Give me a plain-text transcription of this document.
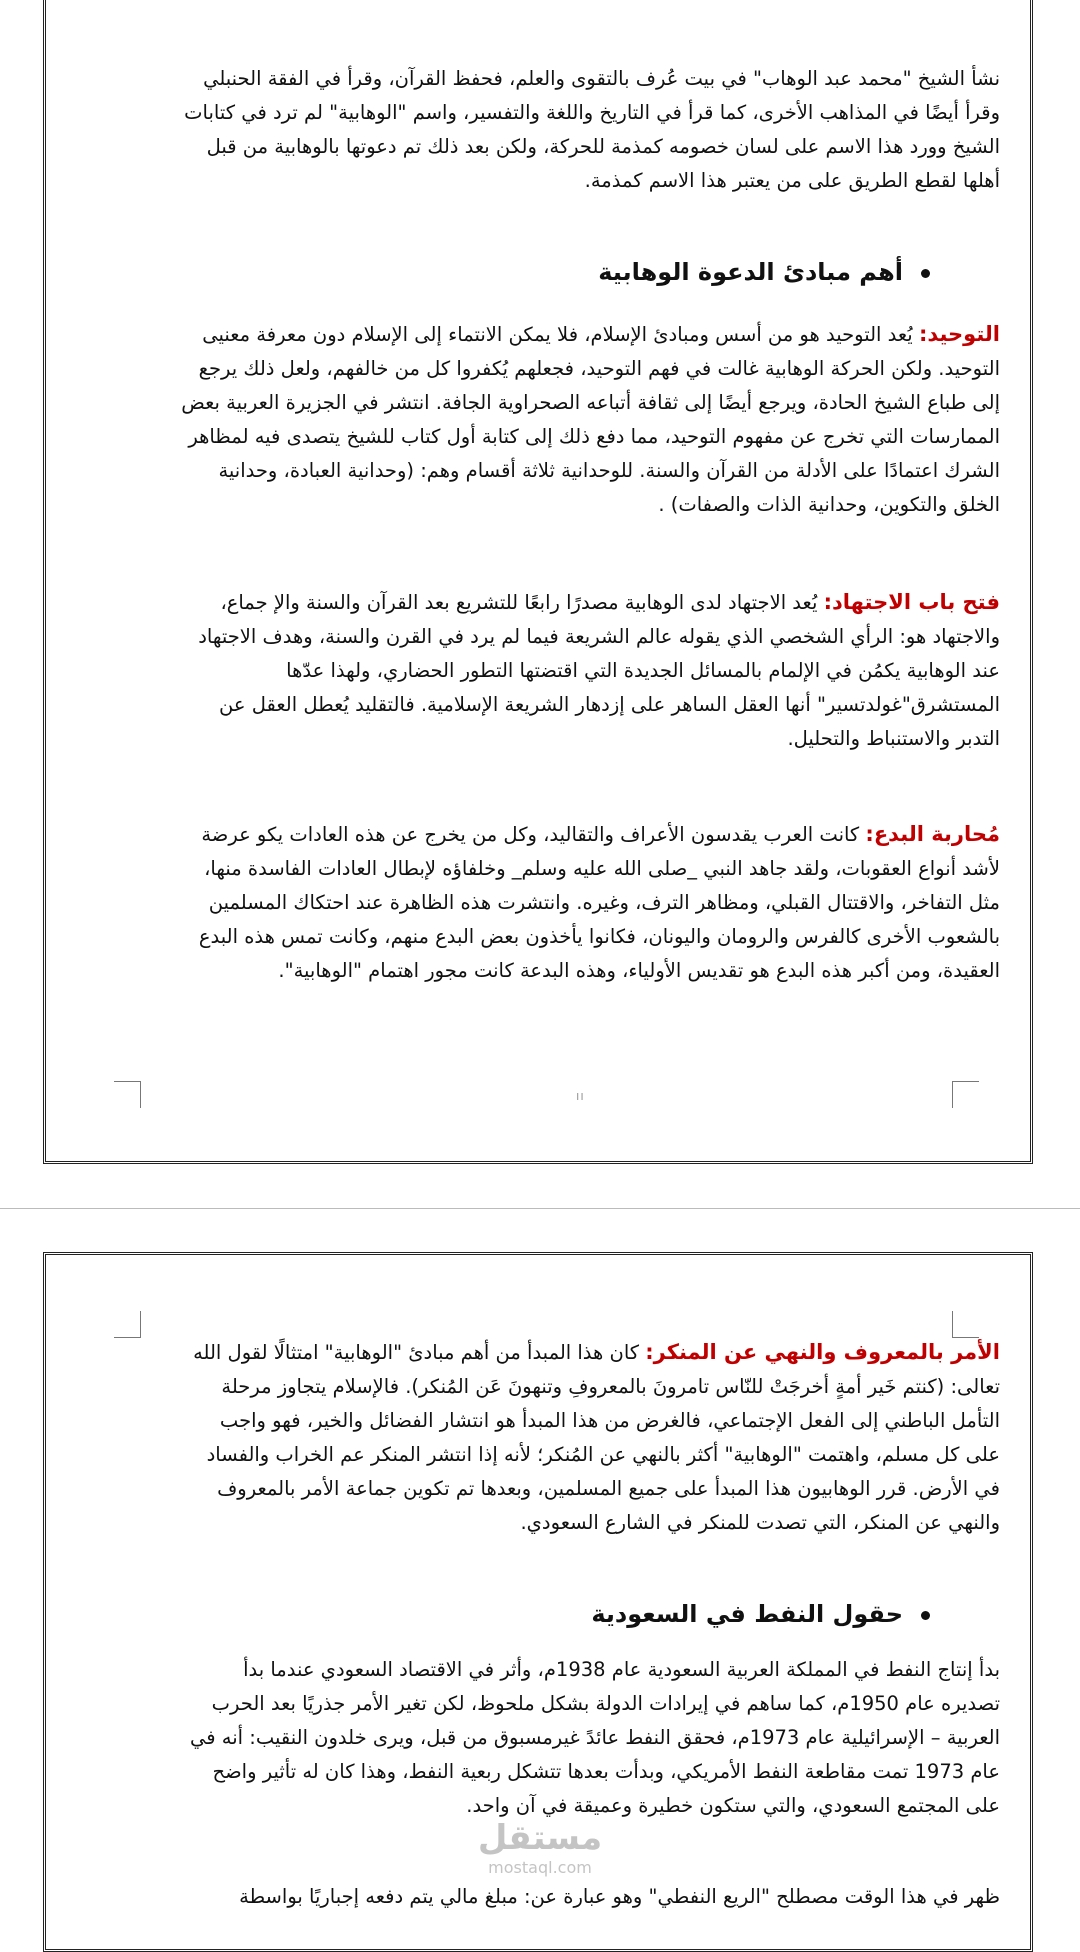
ıı

نشأ الشيخ "محمد عبد الوهاب" في بيت عُرف بالتقوى والعلم، فحفظ القرآن، وقرأ في الفقة الحنبلي وقرأ أيضًا في المذاهب الأخرى، كما قرأ في التاريخ واللغة والتفسير، واسم "الوهابية" لم ترد في كتابات الشيخ وورد هذا الاسم على لسان خصومه كمذمة للحركة، ولكن بعد ذلك تم دعوتها بالوهابية من قبل أهلها لقطع الطريق على من يعتبر هذا الاسم كمذمة.

أهم مبادئ الدعوة الوهابية

التوحيد: يُعد التوحيد هو من أسس ومبادئ الإسلام، فلا يمكن الانتماء إلى الإسلام دون معرفة معنيى التوحيد. ولكن الحركة الوهابية غالت في فهم التوحيد، فجعلهم يُكفروا كل من خالفهم، ولعل ذلك يرجع إلى طباع الشيخ الحادة، ويرجع أيضًا إلى ثقافة أتباعه الصحراوية الجافة. انتشر في الجزيرة العربية بعض الممارسات التي تخرج عن مفهوم التوحيد، مما دفع ذلك إلى كتابة أول كتاب للشيخ يتصدى فيه لمظاهر الشرك اعتمادًا على الأدلة من القرآن والسنة. للوحدانية ثلاثة أقسام وهم: (وحدانية العبادة، وحدانية الخلق والتكوين، وحدانية الذات والصفات) .

فتح باب الاجتهاد: يُعد الاجتهاد لدى الوهابية مصدرًا رابعًا للتشريع بعد القرآن والسنة والإ جماع، والاجتهاد هو: الرأي الشخصي الذي يقوله عالم الشريعة فيما لم يرد في القرن والسنة، وهدف الاجتهاد عند الوهابية يكمُن في الإلمام بالمسائل الجديدة التي اقتضتها التطور الحضاري، ولهذا عدّها المستشرق"غولدتسير" أنها العقل الساهر على إزدهار الشريعة الإسلامية. فالتقليد يُعطل العقل عن التدبر والاستنباط والتحليل.

مُحاربة البدع: كانت العرب يقدسون الأعراف والتقاليد، وكل من يخرج عن هذه العادات يكو عرضة لأشد أنواع العقوبات، ولقد جاهد النبي _صلى الله عليه وسلم_ وخلفاؤه لإبطال العادات الفاسدة منها، مثل التفاخر، والاقتتال القبلي، ومظاهر الترف، وغيره. وانتشرت هذه الظاهرة عند احتكاك المسلمين بالشعوب الأخرى كالفرس والرومان واليونان، فكانوا يأخذون بعض البدع منهم، وكانت تمس هذه البدع العقيدة، ومن أكبر هذه البدع هو تقديس الأولياء، وهذه البدعة كانت مجور اهتمام "الوهابية".

الأمر بالمعروف والنهي عن المنكر: كان هذا المبدأ من أهم مبادئ "الوهابية" امتثالًا لقول الله تعالى: (كنتم خَير أمةٍ أخرجَتْ للنّاس تامرونَ بالمعروفِ وتنهونَ عَن المُنكر). فالإسلام يتجاوز مرحلة التأمل الباطني إلى الفعل الإجتماعي، فالغرض من هذا المبدأ هو انتشار الفضائل والخير، فهو واجب على كل مسلم، واهتمت "الوهابية" أكثر بالنهي عن المُنكر؛ لأنه إذا انتشر المنكر عم الخراب والفساد في الأرض. قرر الوهابيون هذا المبدأ على جميع المسلمين، وبعدها تم تكوين جماعة الأمر بالمعروف والنهي عن المنكر، التي تصدت للمنكر في الشارع السعودي.

حقول النفط في السعودية

بدأ إنتاج النفط في المملكة العربية السعودية عام 1938م، وأثر في الاقتصاد السعودي عندما بدأ تصديره عام 1950م، كما ساهم في إيرادات الدولة بشكل ملحوظ، لكن تغير الأمر جذريًا بعد الحرب العربية – الإسرائيلية عام 1973م، فحقق النفط عائدً غيرمسبوق من قبل، ويرى خلدون النقيب: أنه في عام 1973 تمت مقاطعة النفط الأمريكي، وبدأت بعدها تتشكل ربعية النفط، وهذا كان له تأثير واضح على المجتمع السعودي، والتي ستكون خطيرة وعميقة في آن واحد.

ظهر في هذا الوقت مصطلح "الريع النفطي" وهو عبارة عن: مبلغ مالي يتم دفعه إجباريًا بواسطة

مستقل
mostaql.com
